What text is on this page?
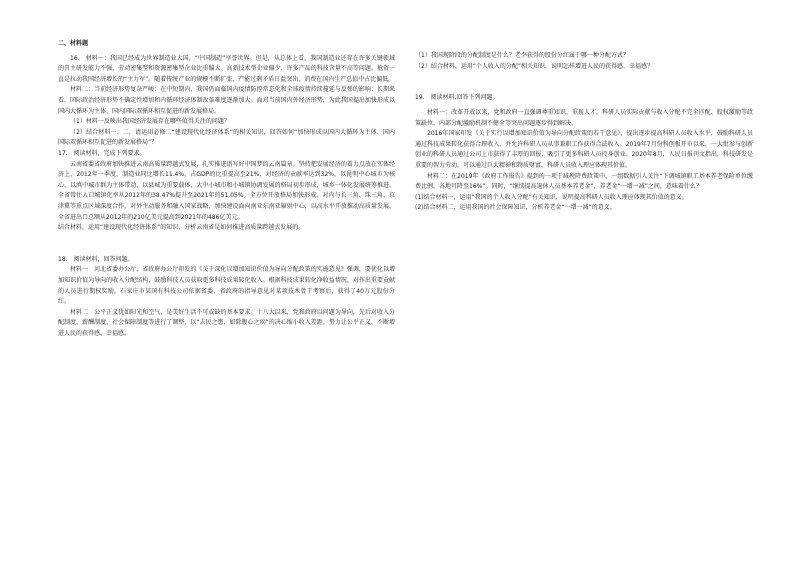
二、材料题

16.　材料一：我国已经成为世界制造业大国，“中国制造”享誉世界。但是，从总体上看，我国制造业还存在许多关键领域的自主研发能力不强、劳动密集型和资源密集型企业比重偏大、高新技术型企业偏少、许多产品的科技含量不高等问题。抢资一直是拉动我国经济增长的“主力军”。随着传统产业的规模不断扩张，产能过剩矛盾日益突出，消费在国内生产总值中占比偏低。

材料二：当前经济形势复杂严峻：在中短期内，我国仍面临国内疫情防控常态化和全球疫情持续蔓延与反弹的影响；长期来看，国际政治经济形势不确定性增加和内循环经济体制改革难度逐渐加大。面对当前国内外经济形势，为此我国提出加快形成以国内大循环为主体、国内国际双循环相互促进的新发展格局。

（1）材料一反映出我国经济发展存在哪些值得关注的问题？

（2）结合材料一、二，请运用必修二“建设现代化经济体系”的相关知识，回答如何“加快形成以国内大循环为主体、国内国际双循环相互促进的新发展格局”？

17.　阅读材料，完成下列要求。

云南省委省政府加快推进云南高质量跨越式发展，扎实推进谱写好中国梦的云南篇章。坚持把发展经济的着力点放在实体经济上，2012年一季度，制造业同比增长11.4%，占GDP的比重提高至21%，对经济的贡献率达到32%。以昆明中心城市为核心、以滇中城市群为主体带动，以县城为重要载体，大中小城市和小城镇协调发展的格局初步形成，城乡一体化发展统筹推进，全省常住人口城镇化率从2012年的38.47%提升至2021年的51.05%。全方位开放格局加快形成，对内与长三角、珠三角、京津冀等重点区域深度合作，对外主动服务和融入国家战略，加快建设面向南亚东南亚辐射中心，以高水平开放推动高质量发展，全省进出口总额从2012年的210亿美元提高到2021年的486亿美元。

结合材料，运用“建设现代化经济体系”的知识，分析云南省是如何推进高质量跨越式发展的。

18.　阅读材料，回答问题。

材料一　河北省委办公厅、省政府办公厅印发的《关于深化以增加知识价值为导向分配政策的实施意见》强调，要优化以增加知识价值为导向的收入分配结构，鼓励科技人员获取更多科技成果转化收入。根据科技成果转化净收益情况，对作出重要贡献的人员进行期权奖励。石家庄市某国有科技公司依据省委、省政府的指导意见对某项技术骨干考察后，获得了40万元股份分红。

材料二　公平正义犹如阳光和空气，是美好生活不可或缺的基本要求。十八大以来，党和政府以问题为导向，先后对收入分配制度、薪酬制度、社会保障制度等进行了调整，以“去民之患，如除腹心之疾”的决心缩小收入差距，努力让公平正义，不断增进人民的获得感、幸福感。

（1）我国现阶段的分配制度是什么？老李获得的股份分红属于哪一种分配方式？

（2）结合材料，运用“个人收入的分配”相关知识，说明怎样增进人民的获得感、幸福感？

19.　阅读材料,回答下列问题。

材料一：改革开放以来，党和政府一直强调尊重知识、重视人才。科研人员实际贡献与收入分配不完全匹配、股权激励等政策缺位、内部分配激励机制不健全等突出问题逐步得到解决。

2016年国家印发《关于实行以增加知识价值为导向分配政策的若干意见》，提出逐步提高科研人员收入水平，鼓励科研人员通过科技成果转化获得合理收入，并允许科研人员从事兼职工作获得合法收入。2019年7月份科创板开市以来，一大批参与创新创业的科研人员通过公司上市获得了丰厚的回报，吸引了更多科研人员投身创业。2020年8月，人民日报刊文指出，科技研发是重要的智力劳动，可以通过巨大精神和物质财富，科研人员收入理应体现其价值。

材料二：在2019年《政府工作报告》提到的一项于减税降费政策中，一组数据引人关注“下调城镇职工基本养老保险单位缴费比例，各地可降至16%”。同时，“继续提高退休人员基本养老金”，养老金“一增一减”之间，意味着什么？

(1)结合材料一，运用“我国的个人收入分配”有关知识，说明提高科研人员收入理应体现其价值的意义。

(2)结合材料二，运用我国的社会保障知识，分析养老金“一增一减”的意义。
